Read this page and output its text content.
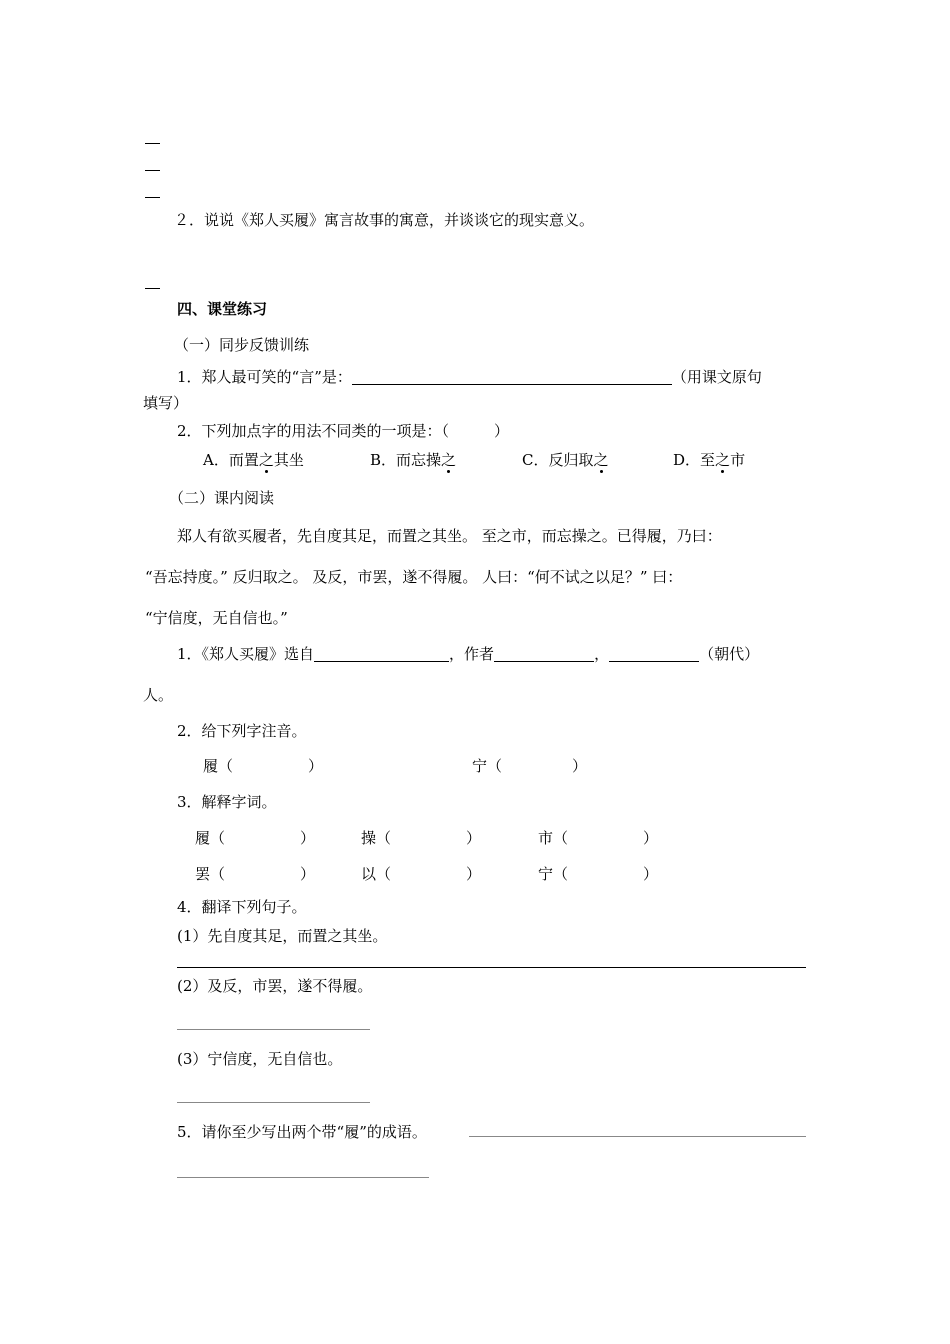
２．说说《郑人买履》寓言故事的寓意，并谈谈它的现实意义。
四、课堂练习
（一）同步反馈训练
1．郑人最可笑的“言”是：	（用课文原句
填写）
2．下列加点字的用法不同类的一项是：（　　　）
A．而置之其坐	B．而忘操之	C．反归取之	D．至之市
（二）课内阅读
郑人有欲买履者，先自度其足，而置之其坐。 至之市，而忘操之。已得履，乃曰：
“吾忘持度。” 反归取之。 及反，市罢，遂不得履。 人曰：“何不试之以足？” 曰：
“宁信度，无自信也。”
1．《郑人买履》选自	，作者	，	（朝代）
人。
2．给下列字注音。
履（	）	宁（	）
3．解释字词。
履（	）	操（	）	市（	）
罢（	）	以（	）	宁（	）
4．翻译下列句子。
(1）先自度其足，而置之其坐。
(2）及反，市罢，遂不得履。
(3）宁信度，无自信也。
5．请你至少写出两个带“履”的成语。
